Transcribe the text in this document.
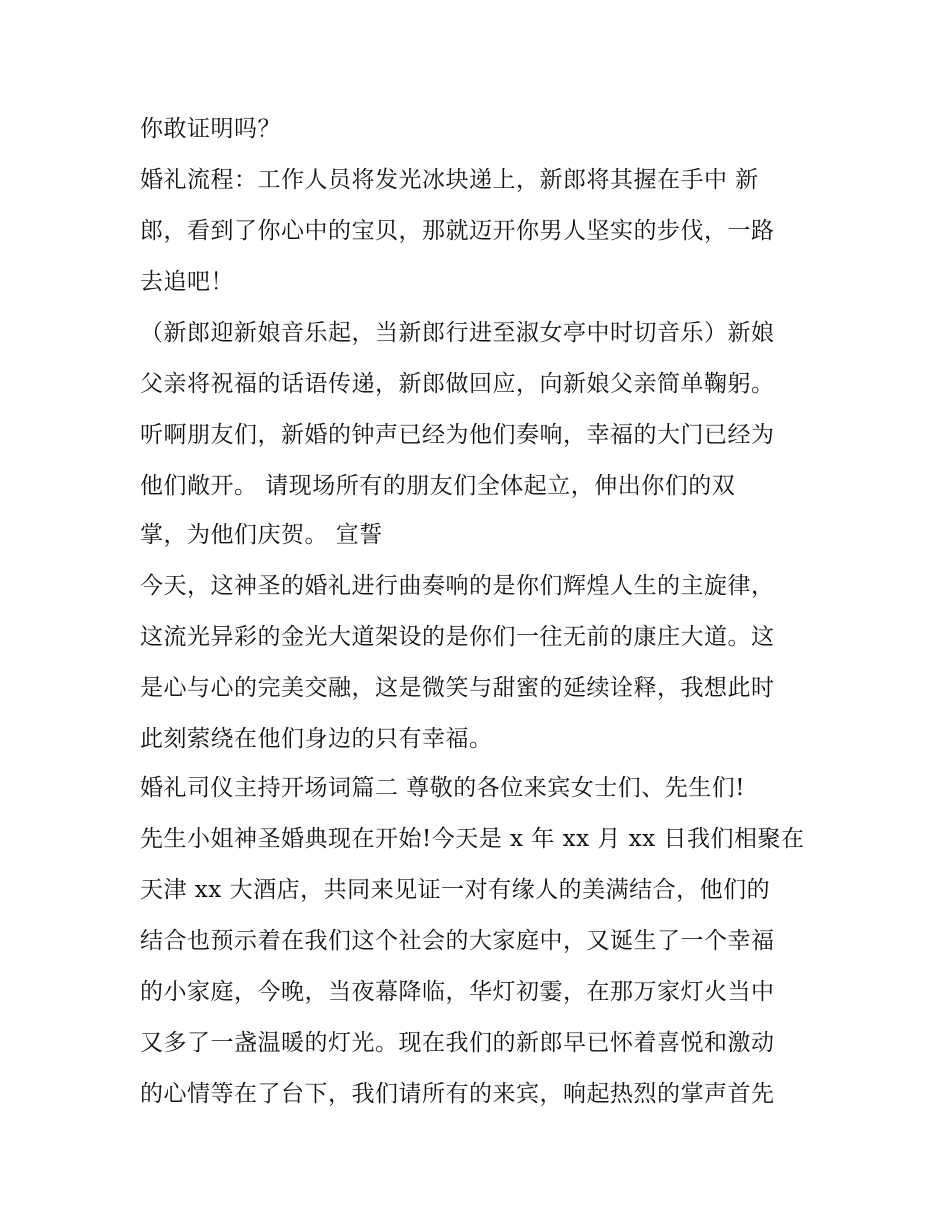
你敢证明吗？
婚礼流程：工作人员将发光冰块递上，新郎将其握在手中 新
郎，看到了你心中的宝贝，那就迈开你男人坚实的步伐，一路
去追吧！
（新郎迎新娘音乐起，当新郎行进至淑女亭中时切音乐）新娘
父亲将祝福的话语传递，新郎做回应，向新娘父亲简单鞠躬。
听啊朋友们，新婚的钟声已经为他们奏响，幸福的大门已经为
他们敞开。 请现场所有的朋友们全体起立，伸出你们的双
掌，为他们庆贺。 宣誓
今天，这神圣的婚礼进行曲奏响的是你们辉煌人生的主旋律，
这流光异彩的金光大道架设的是你们一往无前的康庄大道。这
是心与心的完美交融，这是微笑与甜蜜的延续诠释，我想此时
此刻萦绕在他们身边的只有幸福。
婚礼司仪主持开场词篇二 尊敬的各位来宾女士们、先生们!
先生小姐神圣婚典现在开始!今天是 x 年 xx 月 xx 日我们相聚在
天津 xx 大酒店，共同来见证一对有缘人的美满结合，他们的
结合也预示着在我们这个社会的大家庭中，又诞生了一个幸福
的小家庭，今晚，当夜幕降临，华灯初霎，在那万家灯火当中
又多了一盏温暖的灯光。现在我们的新郎早已怀着喜悦和激动
的心情等在了台下，我们请所有的来宾，响起热烈的掌声首先
